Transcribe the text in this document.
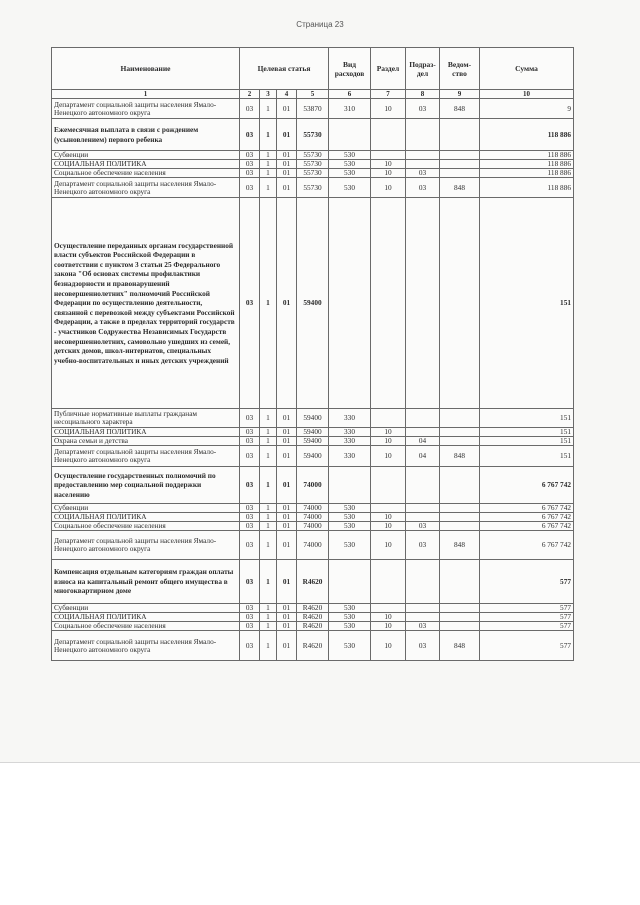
Страница 23
Наименование	Целевая статья				Вид расходов	Раздел	Подраз-дел	Ведом-ство	Сумма
1	2	3	4	5	6	7	8	9	10
Департамент социальной защиты населения Ямало-Ненецкого автономного округа	03	1	01	53870	310	10	03	848	9
Ежемесячная выплата в связи с рождением (усыновлением) первого ребенка	03	1	01	55730					118 886
Субвенции	03	1	01	55730	530				118 886
СОЦИАЛЬНАЯ ПОЛИТИКА	03	1	01	55730	530	10			118 886
Социальное обеспечение населения	03	1	01	55730	530	10	03		118 886
Департамент социальной защиты населения Ямало-Ненецкого автономного округа	03	1	01	55730	530	10	03	848	118 886
Осуществление переданных органам государственной власти субъектов Российской Федерации в соответствии с пунктом 3 статьи 25 Федерального закона "Об основах системы профилактики безнадзорности и правонарушений несовершеннолетних" полномочий Российской Федерации по осуществлению деятельности, связанной с перевозкой между субъектами Российской Федерации, а также в пределах территорий государств - участников Содружества Независимых Государств несовершеннолетних, самовольно ушедших из семей, детских домов, школ-интернатов, специальных учебно-воспитательных и иных детских учреждений	03	1	01	59400					151
Публичные нормативные выплаты гражданам несоциального характера	03	1	01	59400	330				151
СОЦИАЛЬНАЯ ПОЛИТИКА	03	1	01	59400	330	10			151
Охрана семьи и детства	03	1	01	59400	330	10	04		151
Департамент социальной защиты населения Ямало-Ненецкого автономного округа	03	1	01	59400	330	10	04	848	151
Осуществление государственных полномочий по предоставлению мер социальной поддержки населению	03	1	01	74000					6 767 742
Субвенции	03	1	01	74000	530				6 767 742
СОЦИАЛЬНАЯ ПОЛИТИКА	03	1	01	74000	530	10			6 767 742
Социальное обеспечение населения	03	1	01	74000	530	10	03		6 767 742
Департамент социальной защиты населения Ямало-Ненецкого автономного округа	03	1	01	74000	530	10	03	848	6 767 742
Компенсация отдельным категориям граждан оплаты взноса на капитальный ремонт общего имущества в многоквартирном доме	03	1	01	R4620					577
Субвенции	03	1	01	R4620	530				577
СОЦИАЛЬНАЯ ПОЛИТИКА	03	1	01	R4620	530	10			577
Социальное обеспечение населения	03	1	01	R4620	530	10	03		577
Департамент социальной защиты населения Ямало-Ненецкого автономного округа	03	1	01	R4620	530	10	03	848	577
